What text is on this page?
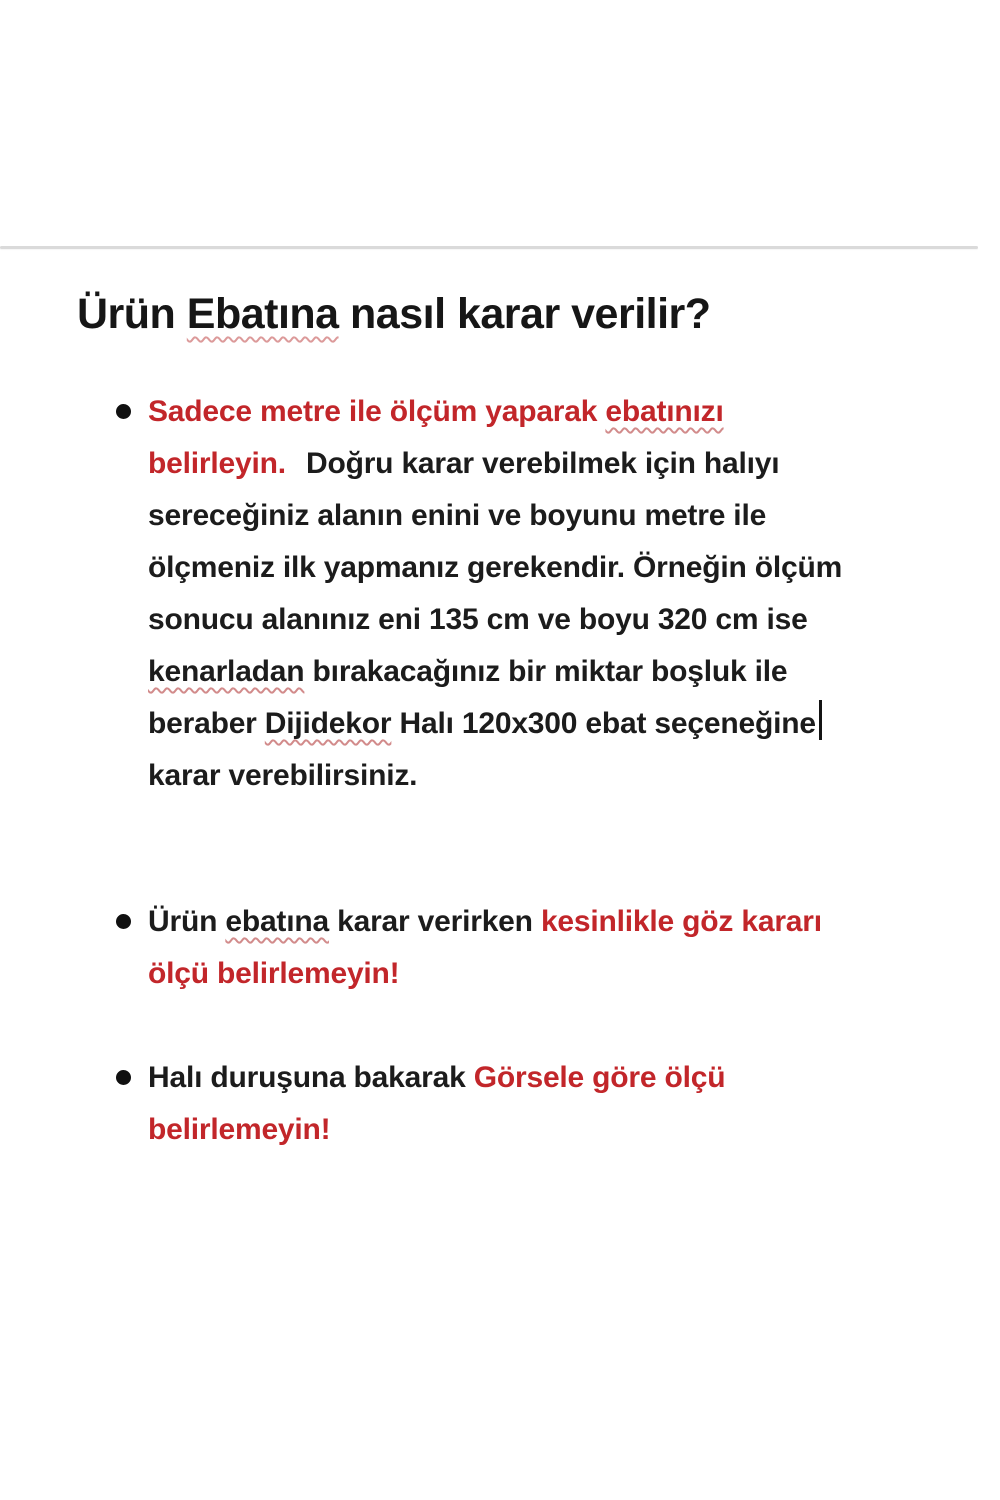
Ürün Ebatına nasıl karar verilir?
Sadece metre ile ölçüm yaparak ebatınızı
belirleyin. Doğru karar verebilmek için halıyı
sereceğiniz alanın enini ve boyunu metre ile
ölçmeniz ilk yapmanız gerekendir. Örneğin ölçüm
sonucu alanınız eni 135 cm ve boyu 320 cm ise
kenarladan bırakacağınız bir miktar boşluk ile
beraber Dijidekor Halı 120x300 ebat seçeneğine
karar verebilirsiniz.
Ürün ebatına karar verirken kesinlikle göz kararı
ölçü belirlemeyin!
Halı duruşuna bakarak Görsele göre ölçü
belirlemeyin!
